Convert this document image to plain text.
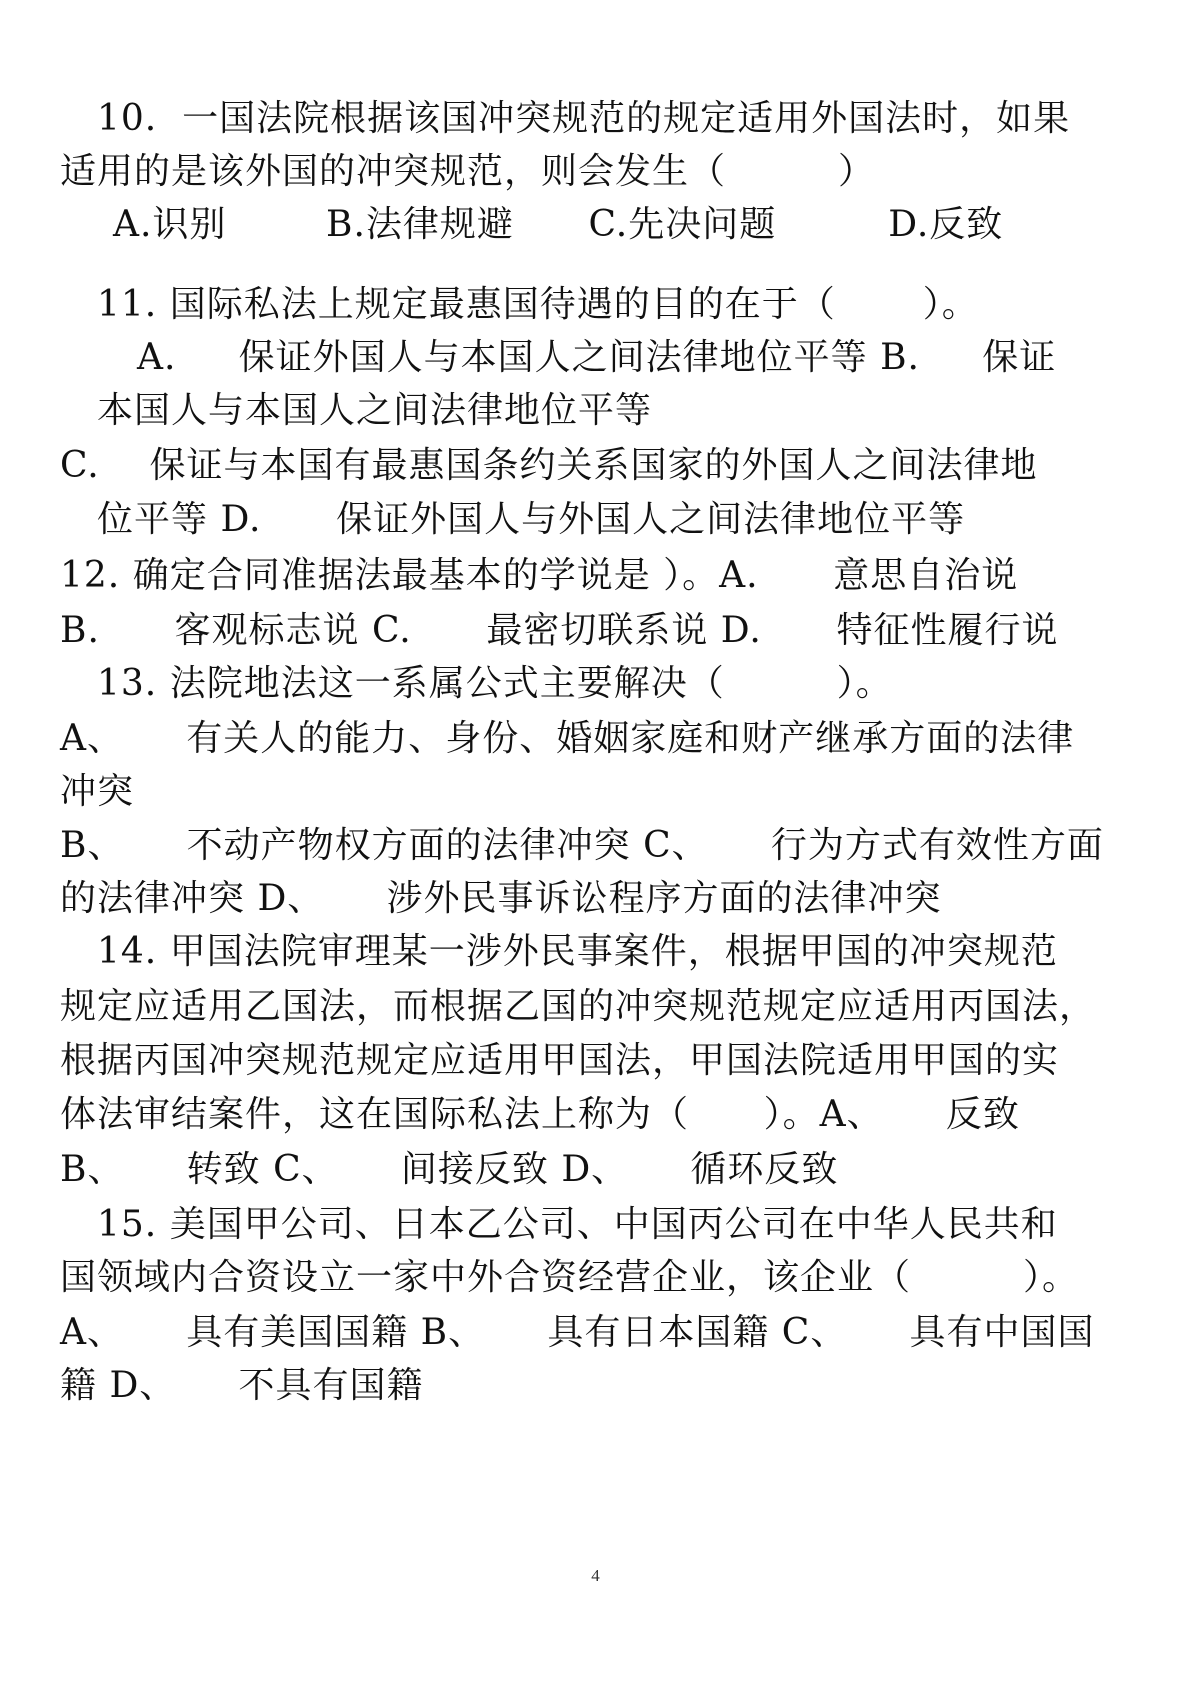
10.  一国法院根据该国冲突规范的规定适用外国法时，如果
适用的是该外国的冲突规范，则会发生（         ）
A.识别        B.法律规避      C.先决问题         D.反致
11. 国际私法上规定最惠国待遇的目的在于（       ）。
A.     保证外国人与本国人之间法律地位平等 B.     保证
本国人与本国人之间法律地位平等
C.    保证与本国有最惠国条约关系国家的外国人之间法律地
位平等 D.      保证外国人与外国人之间法律地位平等
12. 确定合同准据法最基本的学说是 ）。A.      意思自治说
B.      客观标志说 C.      最密切联系说 D.      特征性履行说
13. 法院地法这一系属公式主要解决（         ）。
A、     有关人的能力、身份、婚姻家庭和财产继承方面的法律
冲突
B、     不动产物权方面的法律冲突 C、     行为方式有效性方面
的法律冲突 D、     涉外民事诉讼程序方面的法律冲突
14. 甲国法院审理某一涉外民事案件，根据甲国的冲突规范
规定应适用乙国法，而根据乙国的冲突规范规定应适用丙国法，
根据丙国冲突规范规定应适用甲国法，甲国法院适用甲国的实
体法审结案件，这在国际私法上称为（      ）。A、     反致
B、     转致 C、     间接反致 D、     循环反致
15. 美国甲公司、日本乙公司、中国丙公司在中华人民共和
国领域内合资设立一家中外合资经营企业，该企业（         ）。
A、     具有美国国籍 B、     具有日本国籍 C、     具有中国国
籍 D、     不具有国籍
4
